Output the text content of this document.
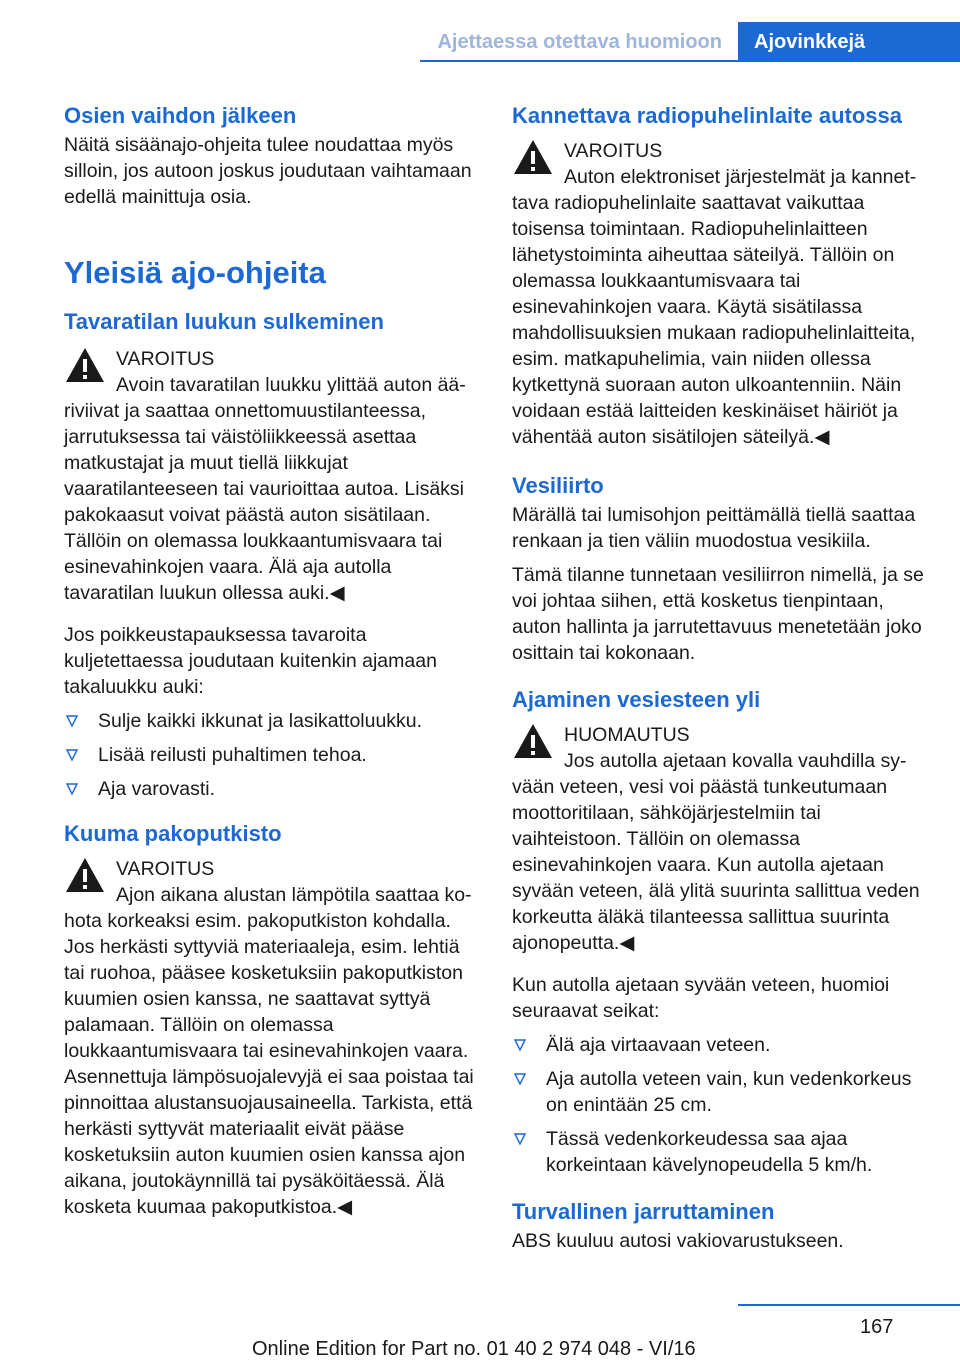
Ajettaessa otettava huomioon	Ajovinkkejä
Osien vaihdon jälkeen

Näitä sisäänajo-ohjeita tulee noudattaa myös silloin, jos autoon joskus joudutaan vaihtamaan edellä mainittuja osia.

Yleisiä ajo-ohjeita
Tavaratilan luukun sulkeminen
VAROITUS
Avoin tavaratilan luukku ylittää auton ää-

riviivat ja saattaa onnettomuustilanteessa, jarrutuksessa tai väistöliikkeessä asettaa matkustajat ja muut tiellä liikkujat vaaratilanteeseen tai vaurioittaa autoa. Lisäksi pakokaasut voivat päästä auton sisätilaan. Tällöin on olemassa loukkaantumisvaara tai esinevahinkojen vaara. Älä aja autolla tavaratilan luukun ollessa auki.◀

Jos poikkeustapauksessa tavaroita kuljetettaessa joudutaan kuitenkin ajamaan takaluukku auki:

Sulje kaikki ikkunat ja lasikattoluukku.
Lisää reilusti puhaltimen tehoa.
Aja varovasti.
Kuuma pakoputkisto
VAROITUS
Ajon aikana alustan lämpötila saattaa ko-

hota korkeaksi esim. pakoputkiston kohdalla. Jos herkästi syttyviä materiaaleja, esim. lehtiä tai ruohoa, pääsee kosketuksiin pakoputkiston kuumien osien kanssa, ne saattavat syttyä palamaan. Tällöin on olemassa loukkaantumisvaara tai esinevahinkojen vaara. Asennettuja lämpösuojalevyjä ei saa poistaa tai pinnoittaa alustansuojausaineella. Tarkista, että herkästi syttyvät materiaalit eivät pääse kosketuksiin auton kuumien osien kanssa ajon aikana, joutokäynnillä tai pysäköitäessä. Älä kosketa kuumaa pakoputkistoa.◀

Kannettava radiopuhelinlaite autossa
VAROITUS
Auton elektroniset järjestelmät ja kannet-

tava radiopuhelinlaite saattavat vaikuttaa toisensa toimintaan. Radiopuhelinlaitteen lähetystoiminta aiheuttaa säteilyä. Tällöin on olemassa loukkaantumisvaara tai esinevahinkojen vaara. Käytä sisätilassa mahdollisuuksien mukaan radiopuhelinlaitteita, esim. matkapuhelimia, vain niiden ollessa kytkettynä suoraan auton ulkoantenniin. Näin voidaan estää laitteiden keskinäiset häiriöt ja vähentää auton sisätilojen säteilyä.◀

Vesiliirto

Märällä tai lumisohjon peittämällä tiellä saattaa renkaan ja tien väliin muodostua vesikiila.

Tämä tilanne tunnetaan vesiliirron nimellä, ja se voi johtaa siihen, että kosketus tienpintaan, auton hallinta ja jarrutettavuus menetetään joko osittain tai kokonaan.

Ajaminen vesiesteen yli
HUOMAUTUS
Jos autolla ajetaan kovalla vauhdilla sy-

vään veteen, vesi voi päästä tunkeutumaan moottoritilaan, sähköjärjestelmiin tai vaihteistoon. Tällöin on olemassa esinevahinkojen vaara. Kun autolla ajetaan syvään veteen, älä ylitä suurinta sallittua veden korkeutta äläkä tilanteessa sallittua suurinta ajonopeutta.◀

Kun autolla ajetaan syvään veteen, huomioi seuraavat seikat:

Älä aja virtaavaan veteen.
Aja autolla veteen vain, kun vedenkorkeus on enintään 25 cm.
Tässä vedenkorkeudessa saa ajaa korkeintaan kävelynopeudella 5 km/h.
Turvallinen jarruttaminen

ABS kuuluu autosi vakiovarustukseen.

167
Online Edition for Part no. 01 40 2 974 048 - VI/16
